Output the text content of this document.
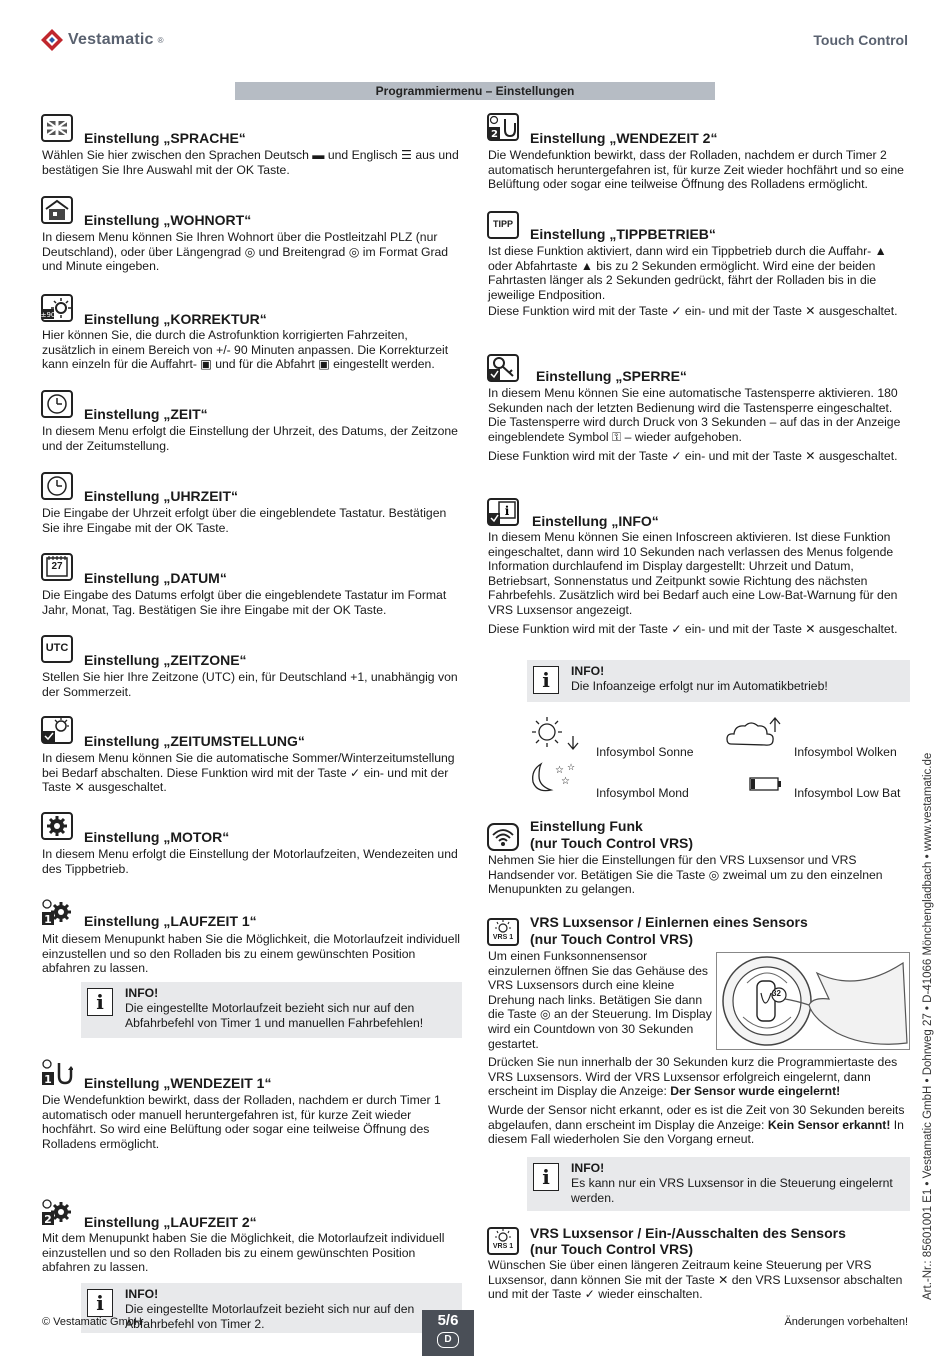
Vestamatic ®	Touch Control
Programmiermenu – Einstellungen
Einstellung „SPRACHE“
Wählen Sie hier zwischen den Sprachen Deutsch ▬ und Englisch ☰ aus und bestätigen Sie Ihre Auswahl mit der OK Taste.
Einstellung „WOHNORT“
In diesem Menu können Sie Ihren Wohnort über die Postleitzahl PLZ (nur Deutschland), oder über Längengrad ◎ und Breitengrad ◎ im Format Grad und Minute eingeben.
±90 Einstellung „KORREKTUR“
Hier können Sie, die durch die Astrofunktion korrigierten Fahrzeiten, zusätzlich in einem Bereich von +/- 90 Minuten anpassen. Die Korrekturzeit kann einzeln für die Auffahrt- ▣ und für die Abfahrt ▣ eingestellt werden.
Einstellung „ZEIT“
In diesem Menu erfolgt die Einstellung der Uhrzeit, des Datums, der Zeitzone und der Zeitumstellung.
Einstellung „UHRZEIT“
Die Eingabe der Uhrzeit erfolgt über die eingeblendete Tastatur. Bestätigen Sie ihre Eingabe mit der OK Taste.
27
Einstellung „DATUM“
Die Eingabe des Datums erfolgt über die eingeblendete Tastatur im Format Jahr, Monat, Tag. Bestätigen Sie ihre Eingabe mit der OK Taste.
UTC
Einstellung „ZEITZONE“
Stellen Sie hier Ihre Zeitzone (UTC) ein, für Deutschland +1, unabhängig von der Sommerzeit.
Einstellung „ZEITUMSTELLUNG“
In diesem Menu können Sie die automatische Sommer/Winterzeitumstellung bei Bedarf abschalten. Diese Funktion wird mit der Taste ✓ ein- und mit der Taste ✕ ausgeschaltet.
Einstellung „MOTOR“
In diesem Menu erfolgt die Einstellung der Motorlaufzeiten, Wendezeiten und des Tippbetrieb.
1 Einstellung „LAUFZEIT 1“
Mit diesem Menupunkt haben Sie die Möglichkeit, die Motorlaufzeit individuell einzustellen und so den Rolladen bis zu einem gewünschten Position abfahren zu lassen.
i	INFO!
Die eingestellte Motorlaufzeit bezieht sich nur auf den Abfahrbefehl von Timer 1 und manuellen Fahrbefehlen!
1 Einstellung „WENDEZEIT 1“
Die Wendefunktion bewirkt, dass der Rolladen, nachdem er durch Timer 1 automatisch oder manuell heruntergefahren ist, für kurze Zeit wieder hochfährt. So wird eine Belüftung oder sogar eine teilweise Öffnung des Rolladens ermöglicht.
2 Einstellung „LAUFZEIT 2“
Mit dem Menupunkt haben Sie die Möglichkeit, die Motorlaufzeit individuell einzustellen und so den Rolladen bis zu einem gewünschten Position abfahren zu lassen.
i	INFO!
Die eingestellte Motorlaufzeit bezieht sich nur auf den Abfahrbefehl von Timer 2.
2 Einstellung „WENDEZEIT 2“
Die Wendefunktion bewirkt, dass der Rolladen, nachdem er durch Timer 2 automatisch heruntergefahren ist, für kurze Zeit wieder hochfährt und so eine Belüftung oder sogar eine teilweise Öffnung des Rolladens ermöglicht.
TIPP
Einstellung „TIPPBETRIEB“
Ist diese Funktion aktiviert, dann wird ein Tippbetrieb durch die Auffahr- ▲ oder Abfahrtaste ▲ bis zu 2 Sekunden ermöglicht. Wird eine der beiden Fahrtasten länger als 2 Sekunden gedrückt, fährt der Rolladen bis in die jeweilige Endposition.
Diese Funktion wird mit der Taste ✓ ein- und mit der Taste ✕ ausgeschaltet.
Einstellung „SPERRE“
In diesem Menu können Sie eine automatische Tastensperre aktivieren. 180 Sekunden nach der letzten Bedienung wird die Tastensperre eingeschaltet. Die Tastensperre wird durch Druck von 3 Sekunden – auf das in der Anzeige eingeblendete Symbol ⚿ – wieder aufgehoben.
Diese Funktion wird mit der Taste ✓ ein- und mit der Taste ✕ ausgeschaltet.
i
Einstellung „INFO“
In diesem Menu können Sie einen Infoscreen aktivieren. Ist diese Funktion eingeschaltet, dann wird 10 Sekunden nach verlassen des Menus folgende Information durchlaufend im Display dargestellt: Uhrzeit und Datum, Betriebsart, Sonnenstatus und Zeitpunkt sowie Richtung des nächsten Fahrbefehls. Zusätzlich wird bei Bedarf auch eine Low-Bat-Warnung für den VRS Luxsensor angezeigt.
Diese Funktion wird mit der Taste ✓ ein- und mit der Taste ✕ ausgeschaltet.
i	INFO!
Die Infoanzeige erfolgt nur im Automatikbetrieb!
Infosymbol Sonne	Infosymbol Wolken
☆ ☆
☆
Infosymbol Mond	Infosymbol Low Bat
Einstellung Funk
(nur Touch Control VRS)
Nehmen Sie hier die Einstellungen für den VRS Luxsensor und VRS Handsender vor. Betätigen Sie die Taste ◎ zweimal um zu den einzelnen Menupunkten zu gelangen.
VRS 1
VRS Luxsensor / Einlernen eines Sensors
(nur Touch Control VRS)
Um einen Funksonnensensor einzulernen öffnen Sie das Gehäuse des VRS Luxsensors durch eine kleine Drehung nach links. Betätigen Sie dann die Taste ◎ an der Steuerung. Im Display wird ein Countdown von 30 Sekunden gestartet.
32
Drücken Sie nun innerhalb der 30 Sekunden kurz die Programmiertaste des VRS Luxsensors. Wird der VRS Luxsensor erfolgreich eingelernt, dann erscheint im Display die Anzeige: Der Sensor wurde eingelernt!
Wurde der Sensor nicht erkannt, oder es ist die Zeit von 30 Sekunden bereits abgelaufen, dann erscheint im Display die Anzeige: Kein Sensor erkannt! In diesem Fall wiederholen Sie den Vorgang erneut.
i	INFO!
Es kann nur ein VRS Luxsensor in die Steuerung eingelernt werden.
VRS 1
VRS Luxsensor / Ein-/Ausschalten des Sensors
(nur Touch Control VRS)
Wünschen Sie über einen längeren Zeitraum keine Steuerung per VRS Luxsensor, dann können Sie mit der Taste ✕ den VRS Luxsensor abschalten und mit der Taste ✓ wieder einschalten.	Art.-Nr.: 85601001 E1 • Vestamatic GmbH • Dohrweg 27 • D-41066 Mönchengladbach • www.vestamatic.de
© Vestamatic GmbH	Änderungen vorbehalten!
5/6
D
